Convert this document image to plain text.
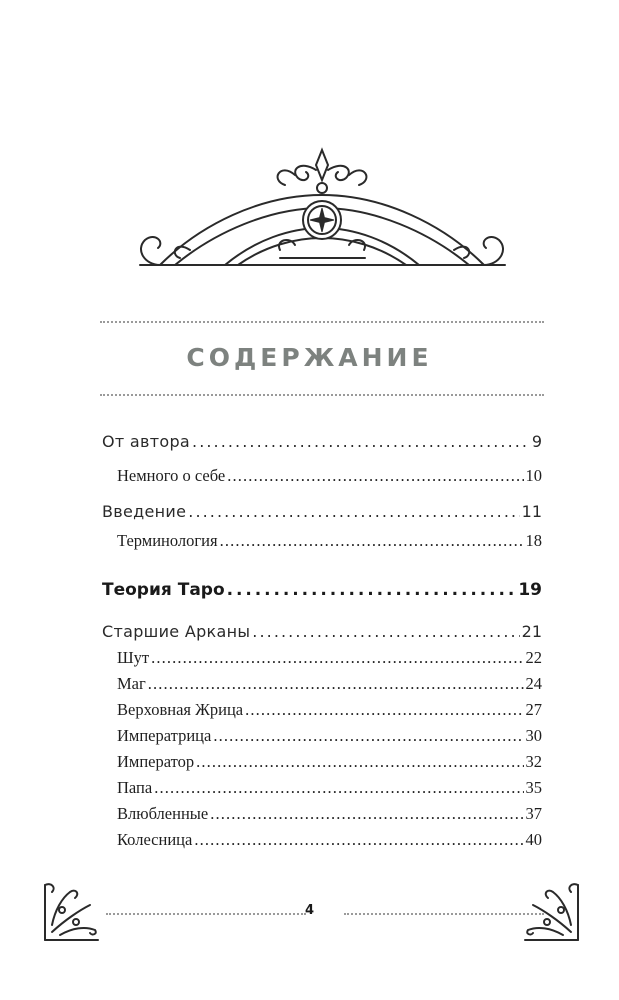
СОДЕРЖАНИЕ
От автора . . .	9
Немного о себе . . .	10
Введение . . .	11
Терминология . . .	18
Теория Таро . . .	19
Старшие Арканы . . .	21
Шут . . .	22
Маг . . .	24
Верховная Жрица . . .	27
Императрица . . .	30
Император . . .	32
Папа . . .	35
Влюбленные . . .	37
Колесница . . .	40
4
